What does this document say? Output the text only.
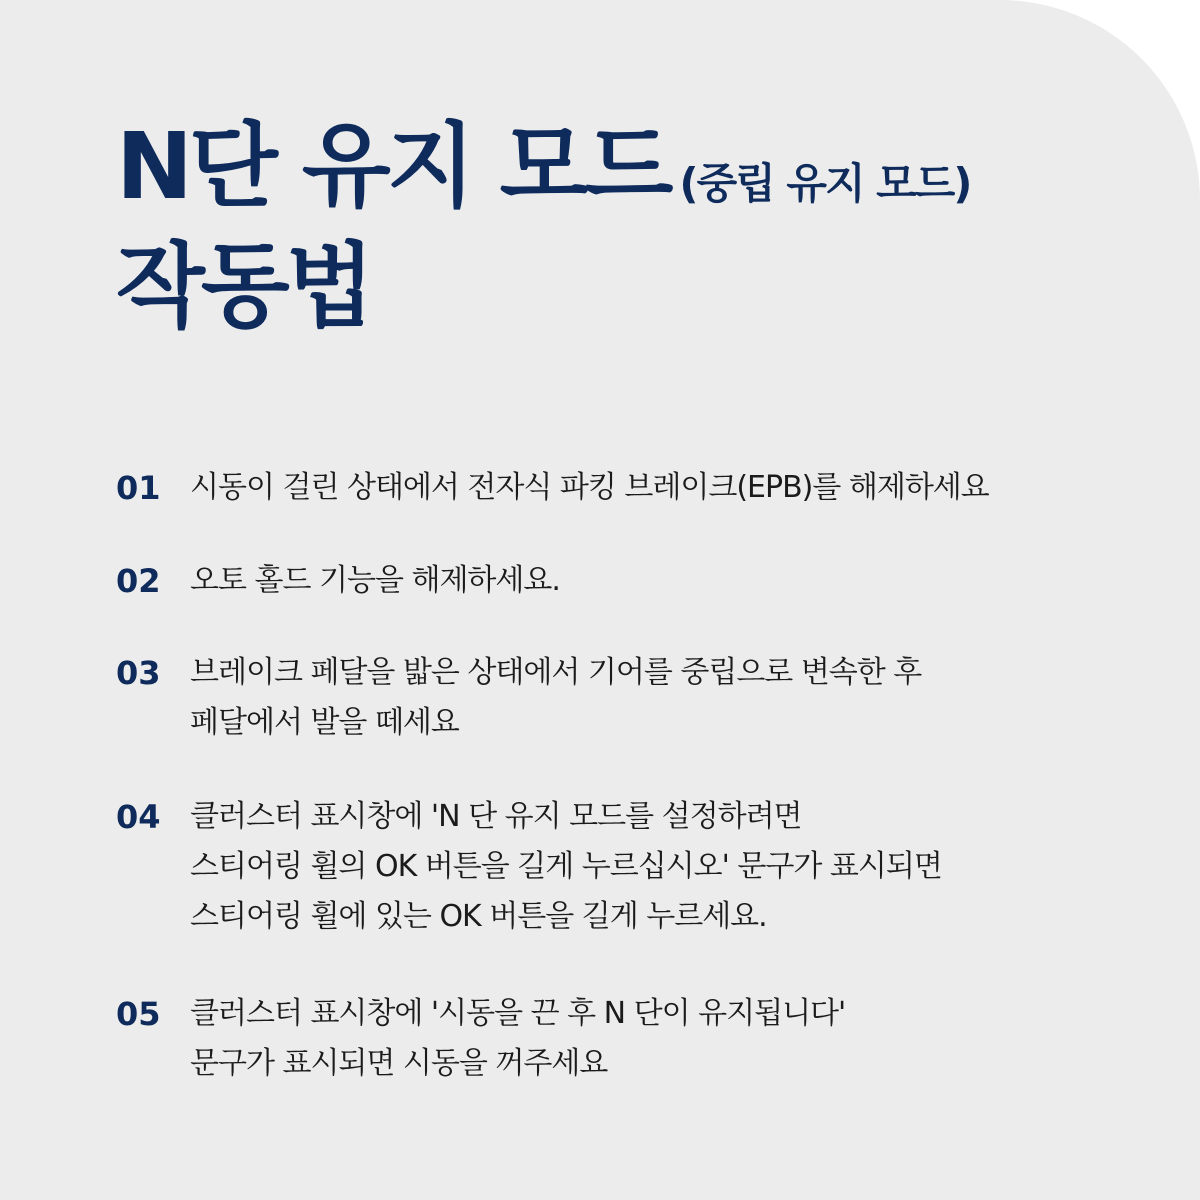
N단 유지 모드 (중립 유지 모드)
작동법
01 시동이 걸린 상태에서 전자식 파킹 브레이크(EPB)를 해제하세요
02 오토 홀드 기능을 해제하세요.
03 브레이크 페달을 밟은 상태에서 기어를 중립으로 변속한 후
페달에서 발을 떼세요
04 클러스터 표시창에 'N 단 유지 모드를 설정하려면
스티어링 휠의 OK 버튼을 길게 누르십시오' 문구가 표시되면
스티어링 휠에 있는 OK 버튼을 길게 누르세요.
05 클러스터 표시창에 '시동을 끈 후 N 단이 유지됩니다'
문구가 표시되면 시동을 꺼주세요
